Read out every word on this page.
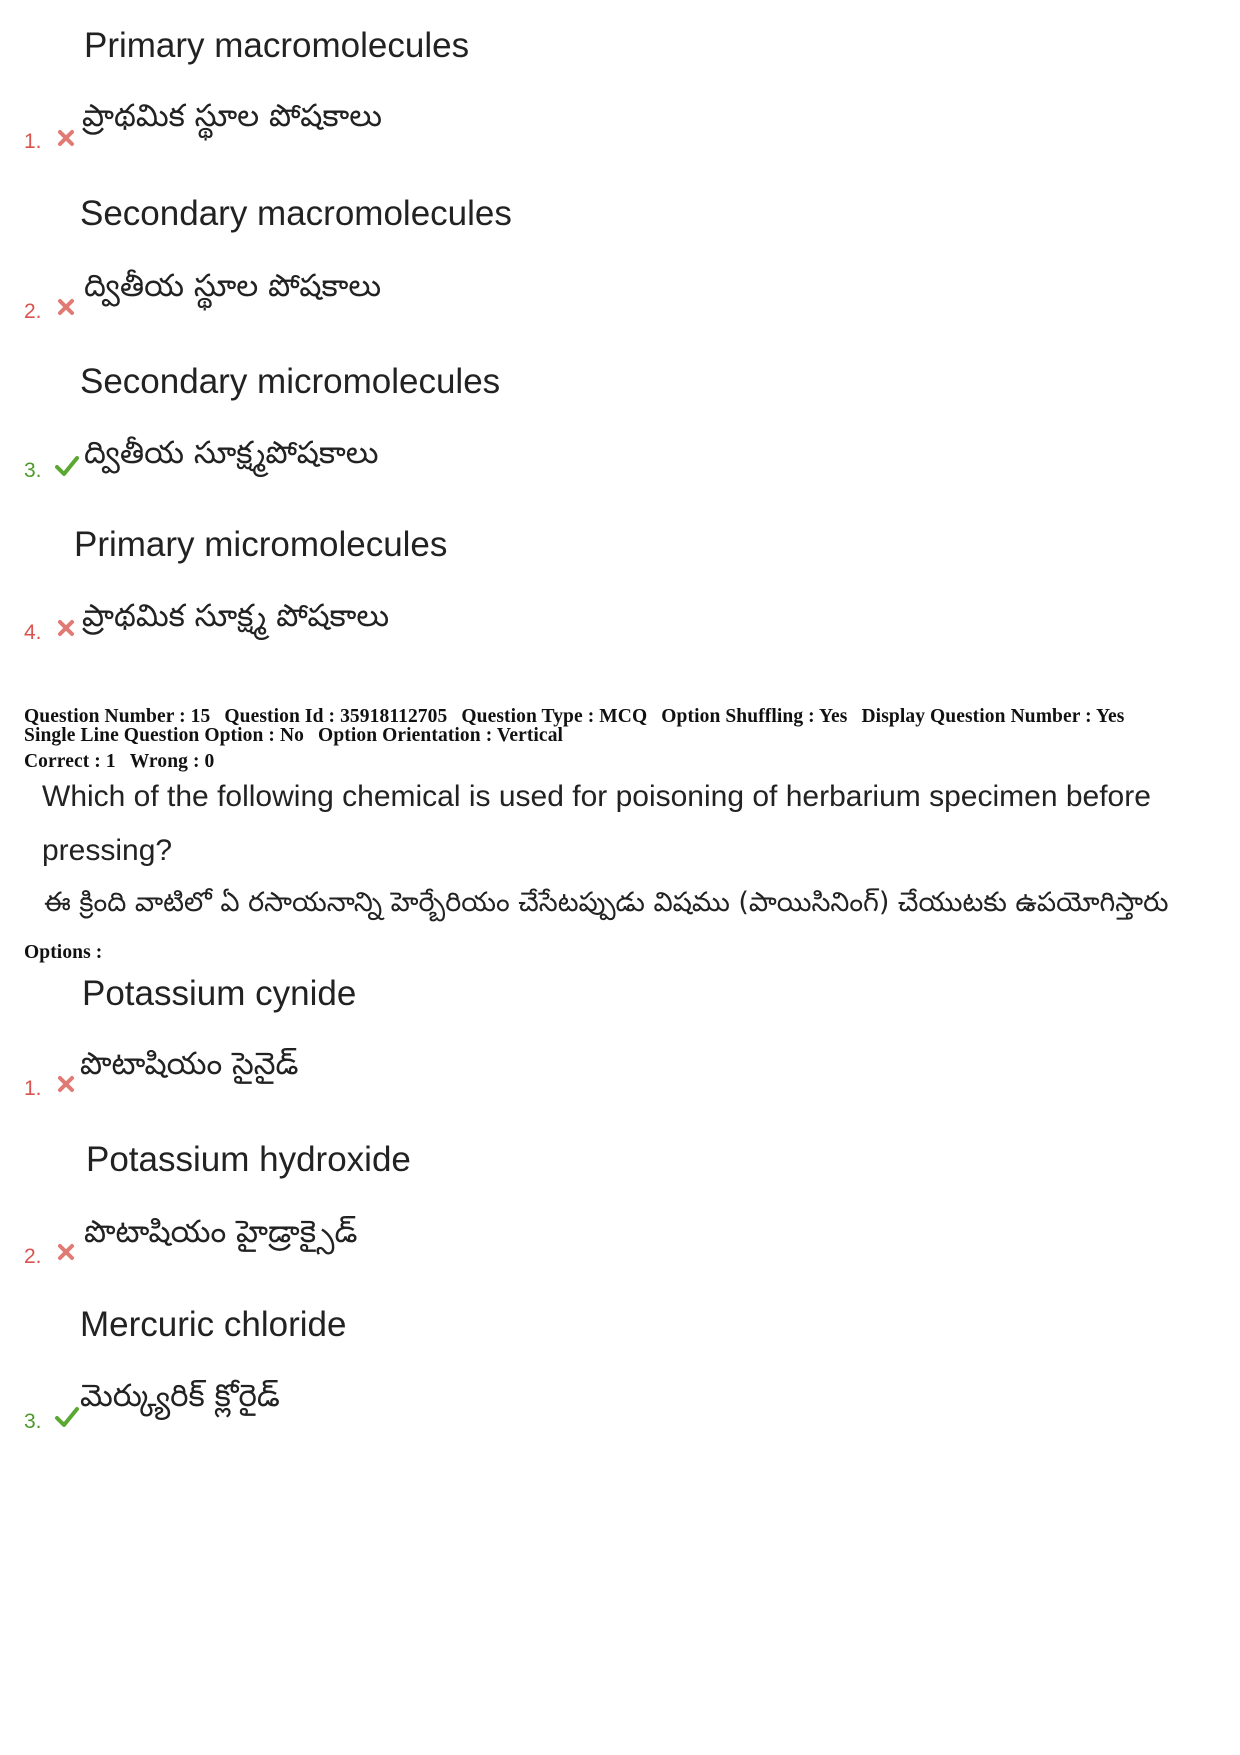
Primary macromolecules
ప్రాథమిక స్థూల పోషకాలు
1.
Secondary macromolecules
ద్వితీయ స్థూల పోషకాలు
2.
Secondary micromolecules
ద్వితీయ సూక్ష్మపోషకాలు
3.
Primary micromolecules
ప్రాథమిక సూక్ష్మ పోషకాలు
4.
Question Number : 15 Question Id : 35918112705 Question Type : MCQ Option Shuffling : Yes Display Question Number : Yes
Single Line Question Option : No Option Orientation : Vertical
Correct : 1 Wrong : 0
Which of the following chemical is used for poisoning of herbarium specimen before
pressing?
ఈ క్రింది వాటిలో ఏ రసాయనాన్ని హెర్బేరియం చేసేటప్పుడు విషము (పాయిసినింగ్) చేయుటకు ఉపయోగిస్తారు
Options :
Potassium cynide
పొటాషియం సైనైడ్
1.
Potassium hydroxide
పొటాషియం హైడ్రాక్సైడ్
2.
Mercuric chloride
మెర్క్యురిక్ క్లోరైడ్
3.
